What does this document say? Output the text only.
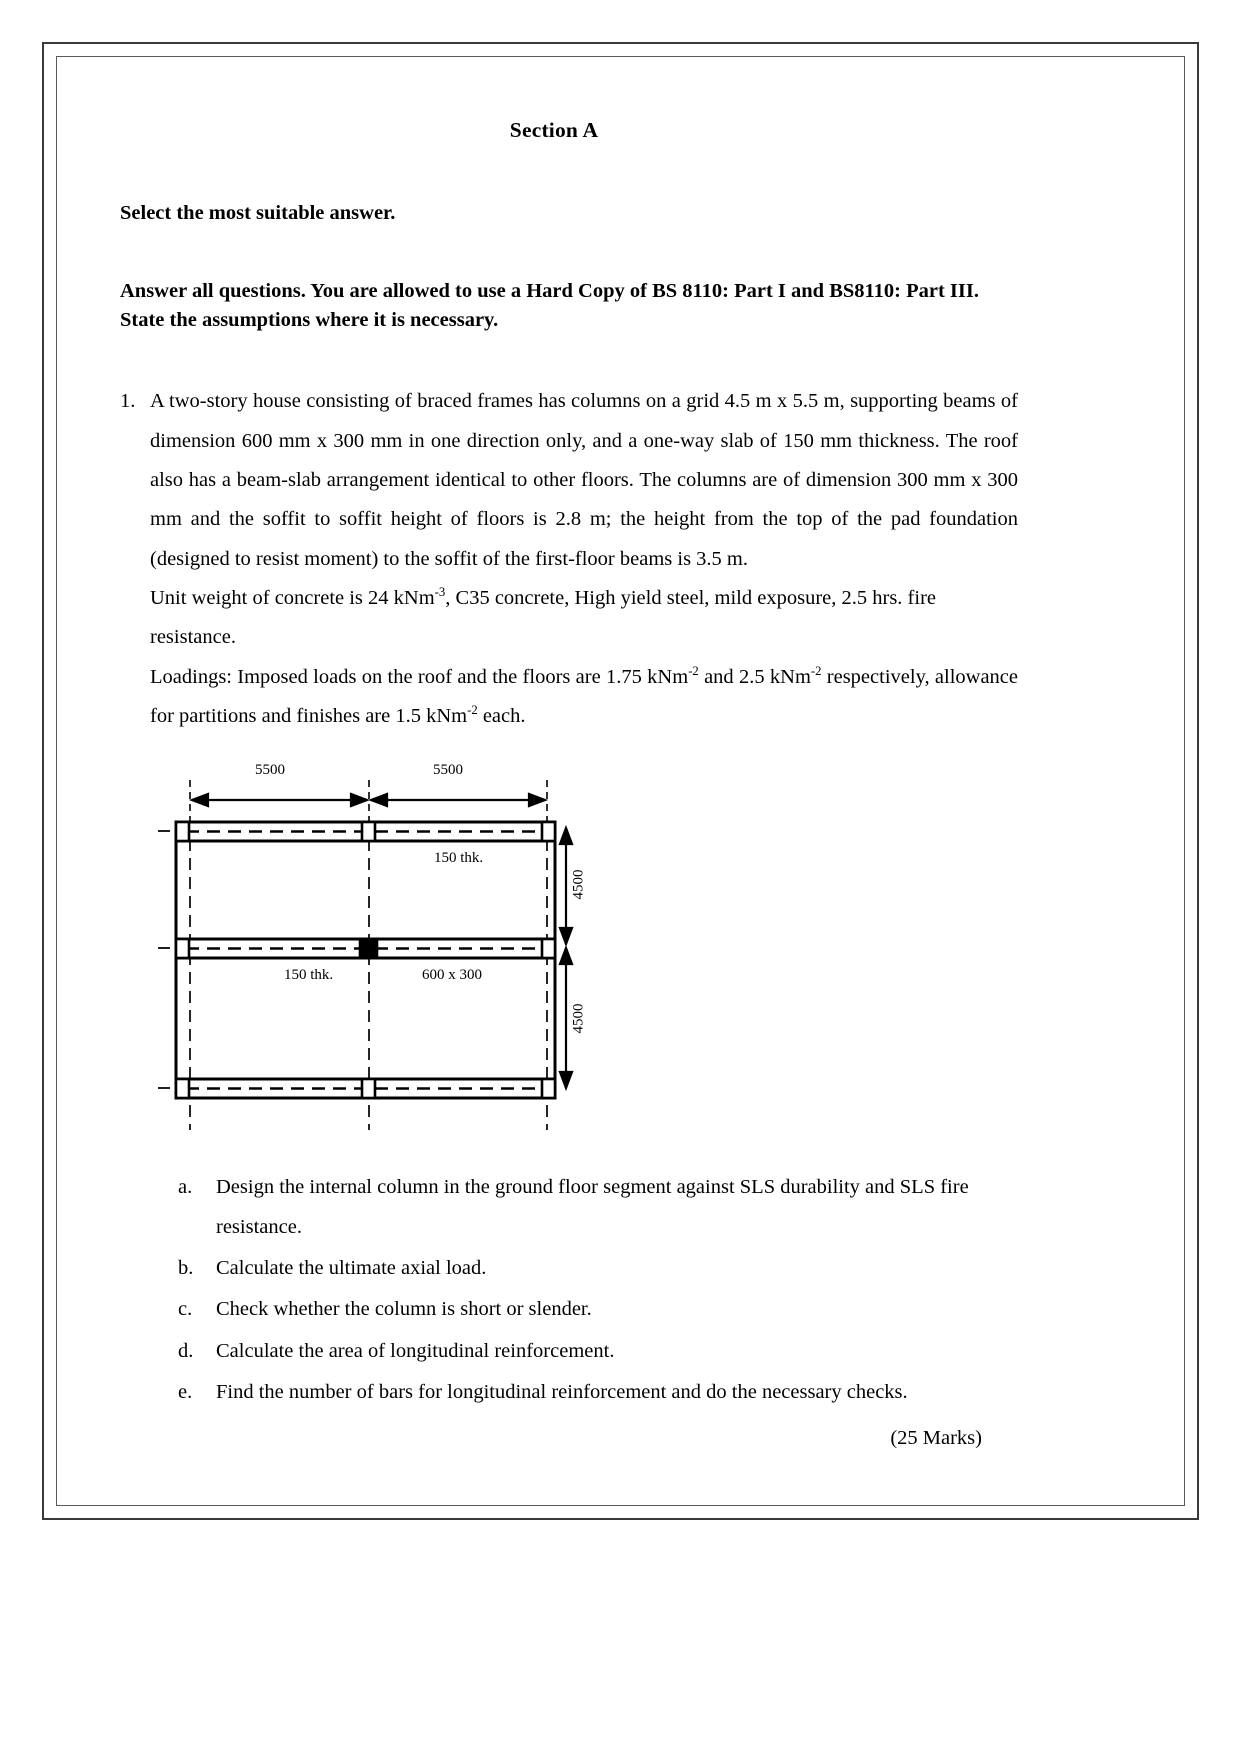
Section A
Select the most suitable answer.
Answer all questions. You are allowed to use a Hard Copy of BS 8110: Part I and BS8110: Part III. State the assumptions where it is necessary.
1. A two-story house consisting of braced frames has columns on a grid 4.5 m x 5.5 m, supporting beams of dimension 600 mm x 300 mm in one direction only, and a one-way slab of 150 mm thickness. The roof also has a beam-slab arrangement identical to other floors. The columns are of dimension 300 mm x 300 mm and the soffit to soffit height of floors is 2.8 m; the height from the top of the pad foundation (designed to resist moment) to the soffit of the first-floor beams is 3.5 m.

Unit weight of concrete is 24 kNm$^{-3}$, C35 concrete, High yield steel, mild exposure, 2.5 hrs. fire resistance.

Loadings: Imposed loads on the roof and the floors are 1.75 kNm$^{-2}$ and 2.5 kNm$^{-2}$ respectively, allowance for partitions and finishes are 1.5 kNm$^{-2}$ each.

5500	5500
4500
4500
150 thk.
150 thk.	600 x 300
a.	Design the internal column in the ground floor segment against SLS durability and SLS fire resistance.
b.	Calculate the ultimate axial load.
c.	Check whether the column is short or slender.
d.	Calculate the area of longitudinal reinforcement.
e.	Find the number of bars for longitudinal reinforcement and do the necessary checks.
(25 Marks)
